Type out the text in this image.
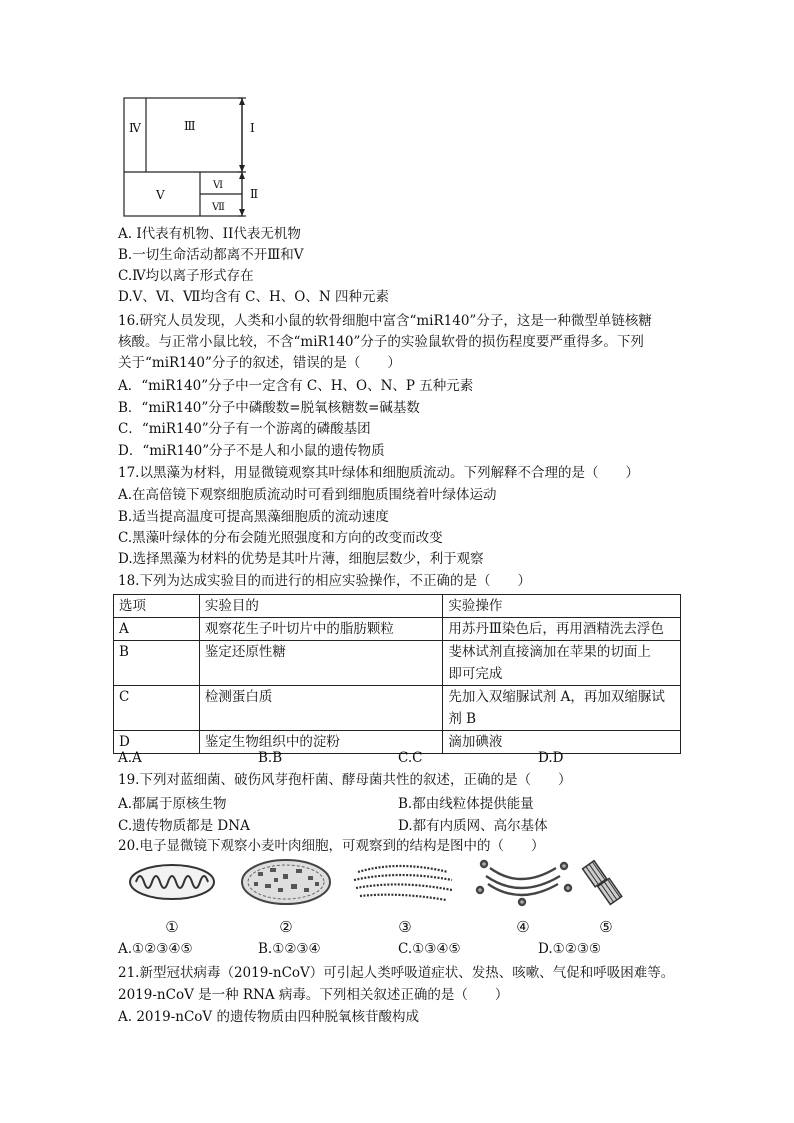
Ⅳ	Ⅲ	Ⅰ
Ⅴ
Ⅵ
Ⅶ
Ⅱ
A. Ⅰ代表有机物、II代表无机物
B.一切生命活动都离不开Ⅲ和Ⅴ
C.Ⅳ均以离子形式存在
D.Ⅴ、Ⅵ、Ⅶ均含有 C、H、O、N 四种元素
16.研究人员发现，人类和小鼠的软骨细胞中富含“miR140”分子，这是一种微型单链核糖
核酸。与正常小鼠比较，不含“miR140”分子的实验鼠软骨的损伤程度要严重得多。下列
关于“miR140”分子的叙述，错误的是（　　）
A．“miR140”分子中一定含有 C、H、O、N、P 五种元素
B．“miR140”分子中磷酸数=脱氧核糖数=碱基数
C．“miR140”分子有一个游离的磷酸基团
D．“miR140”分子不是人和小鼠的遗传物质
17.以黑藻为材料，用显微镜观察其叶绿体和细胞质流动。下列解释不合理的是（　　）
A.在高倍镜下观察细胞质流动时可看到细胞质围绕着叶绿体运动
B.适当提高温度可提高黑藻细胞质的流动速度
C.黑藻叶绿体的分布会随光照强度和方向的改变而改变
D.选择黑藻为材料的优势是其叶片薄，细胞层数少，利于观察
18.下列为达成实验目的而进行的相应实验操作，不正确的是（　　）
选项	实验目的	实验操作
A	观察花生子叶切片中的脂肪颗粒	用苏丹Ⅲ染色后，再用酒精洗去浮色
B	鉴定还原性糖	斐林试剂直接滴加在苹果的切面上
即可完成

C	检测蛋白质	先加入双缩脲试剂 A，再加双缩脲试
剂 B

D	鉴定生物组织中的淀粉	滴加碘液
A.A	B.B	C.C	D.D
19.下列对蓝细菌、破伤风芽孢杆菌、酵母菌共性的叙述，正确的是（　　）
A.都属于原核生物	B.都由线粒体提供能量
C.遗传物质都是 DNA	D.都有内质网、高尔基体
20.电子显微镜下观察小麦叶肉细胞，可观察到的结构是图中的（　　）
①	②	③	④	⑤
A.①②③④⑤	B.①②③④	C.①③④⑤	D.①②③⑤
21.新型冠状病毒（2019-nCoV）可引起人类呼吸道症状、发热、咳嗽、气促和呼吸困难等。
2019-nCoV 是一种 RNA 病毒。下列相关叙述正确的是（　　）
A. 2019-nCoV 的遗传物质由四种脱氧核苷酸构成
